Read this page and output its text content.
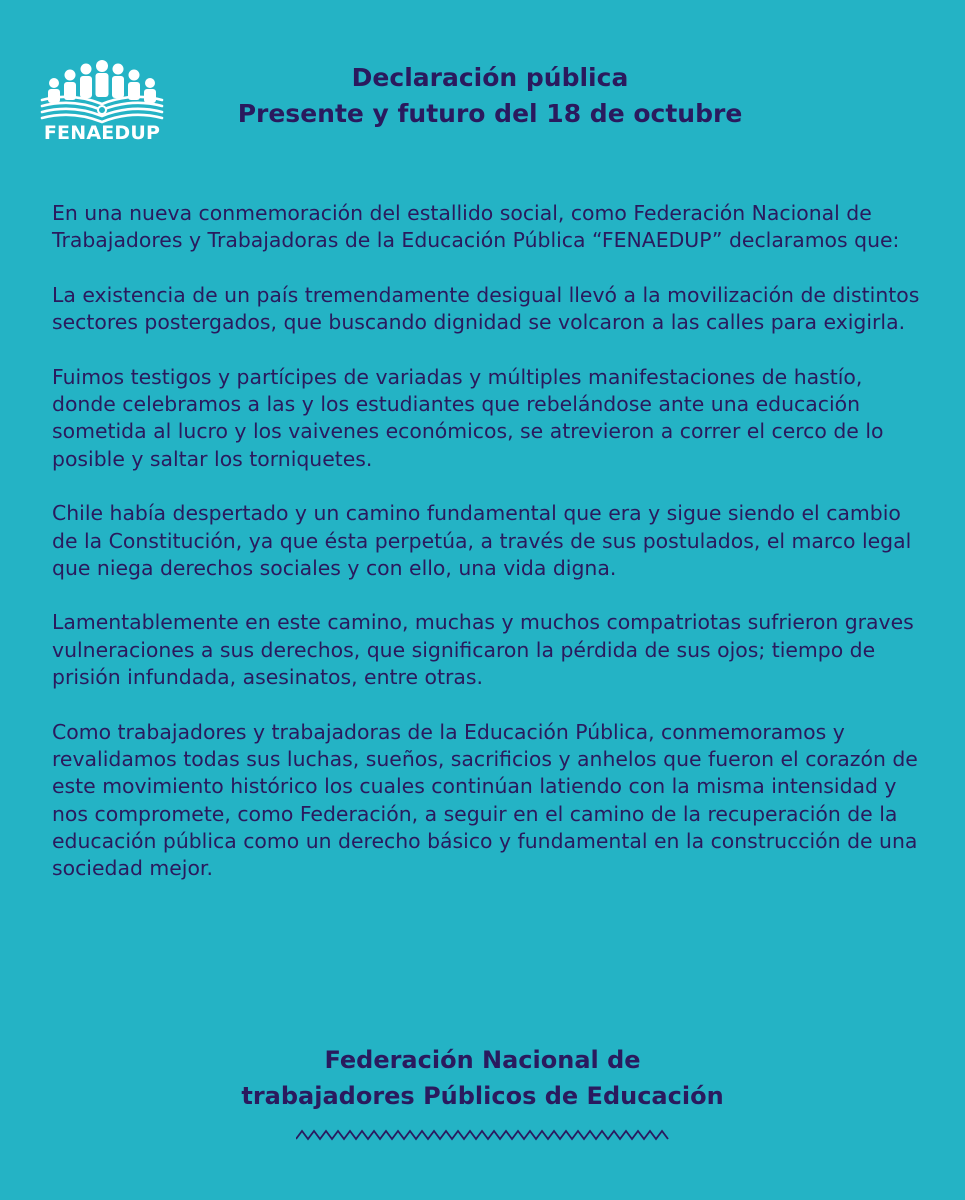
FENAEDUP
Declaración pública
Presente y futuro del 18 de octubre

En una nueva conmemoración del estallido social, como Federación Nacional de Trabajadores y Trabajadoras de la Educación Pública “FENAEDUP” declaramos que:

La existencia de un país tremendamente desigual llevó a la movilización de distintos sectores postergados, que buscando dignidad se volcaron a las calles para exigirla.

Fuimos testigos y partícipes de variadas y múltiples manifestaciones de hastío, donde celebramos a las y los estudiantes que rebelándose ante una educación sometida al lucro y los vaivenes económicos, se atrevieron a correr el cerco de lo posible y saltar los torniquetes.

Chile había despertado y un camino fundamental que era y sigue siendo el cambio de la Constitución, ya que ésta perpetúa, a través de sus postulados, el marco legal que niega derechos sociales y con ello, una vida digna.

Lamentablemente en este camino, muchas y muchos compatriotas sufrieron graves vulneraciones a sus derechos, que significaron la pérdida de sus ojos; tiempo de prisión infundada, asesinatos, entre otras.

Como trabajadores y trabajadoras de la Educación Pública, conmemoramos y revalidamos todas sus luchas, sueños, sacrificios y anhelos que fueron el corazón de este movimiento histórico los cuales continúan latiendo con la misma intensidad y nos compromete, como Federación, a seguir en el camino de la recuperación de la educación pública como un derecho básico y fundamental en la construcción de una sociedad mejor.

Federación Nacional de
trabajadores Públicos de Educación
